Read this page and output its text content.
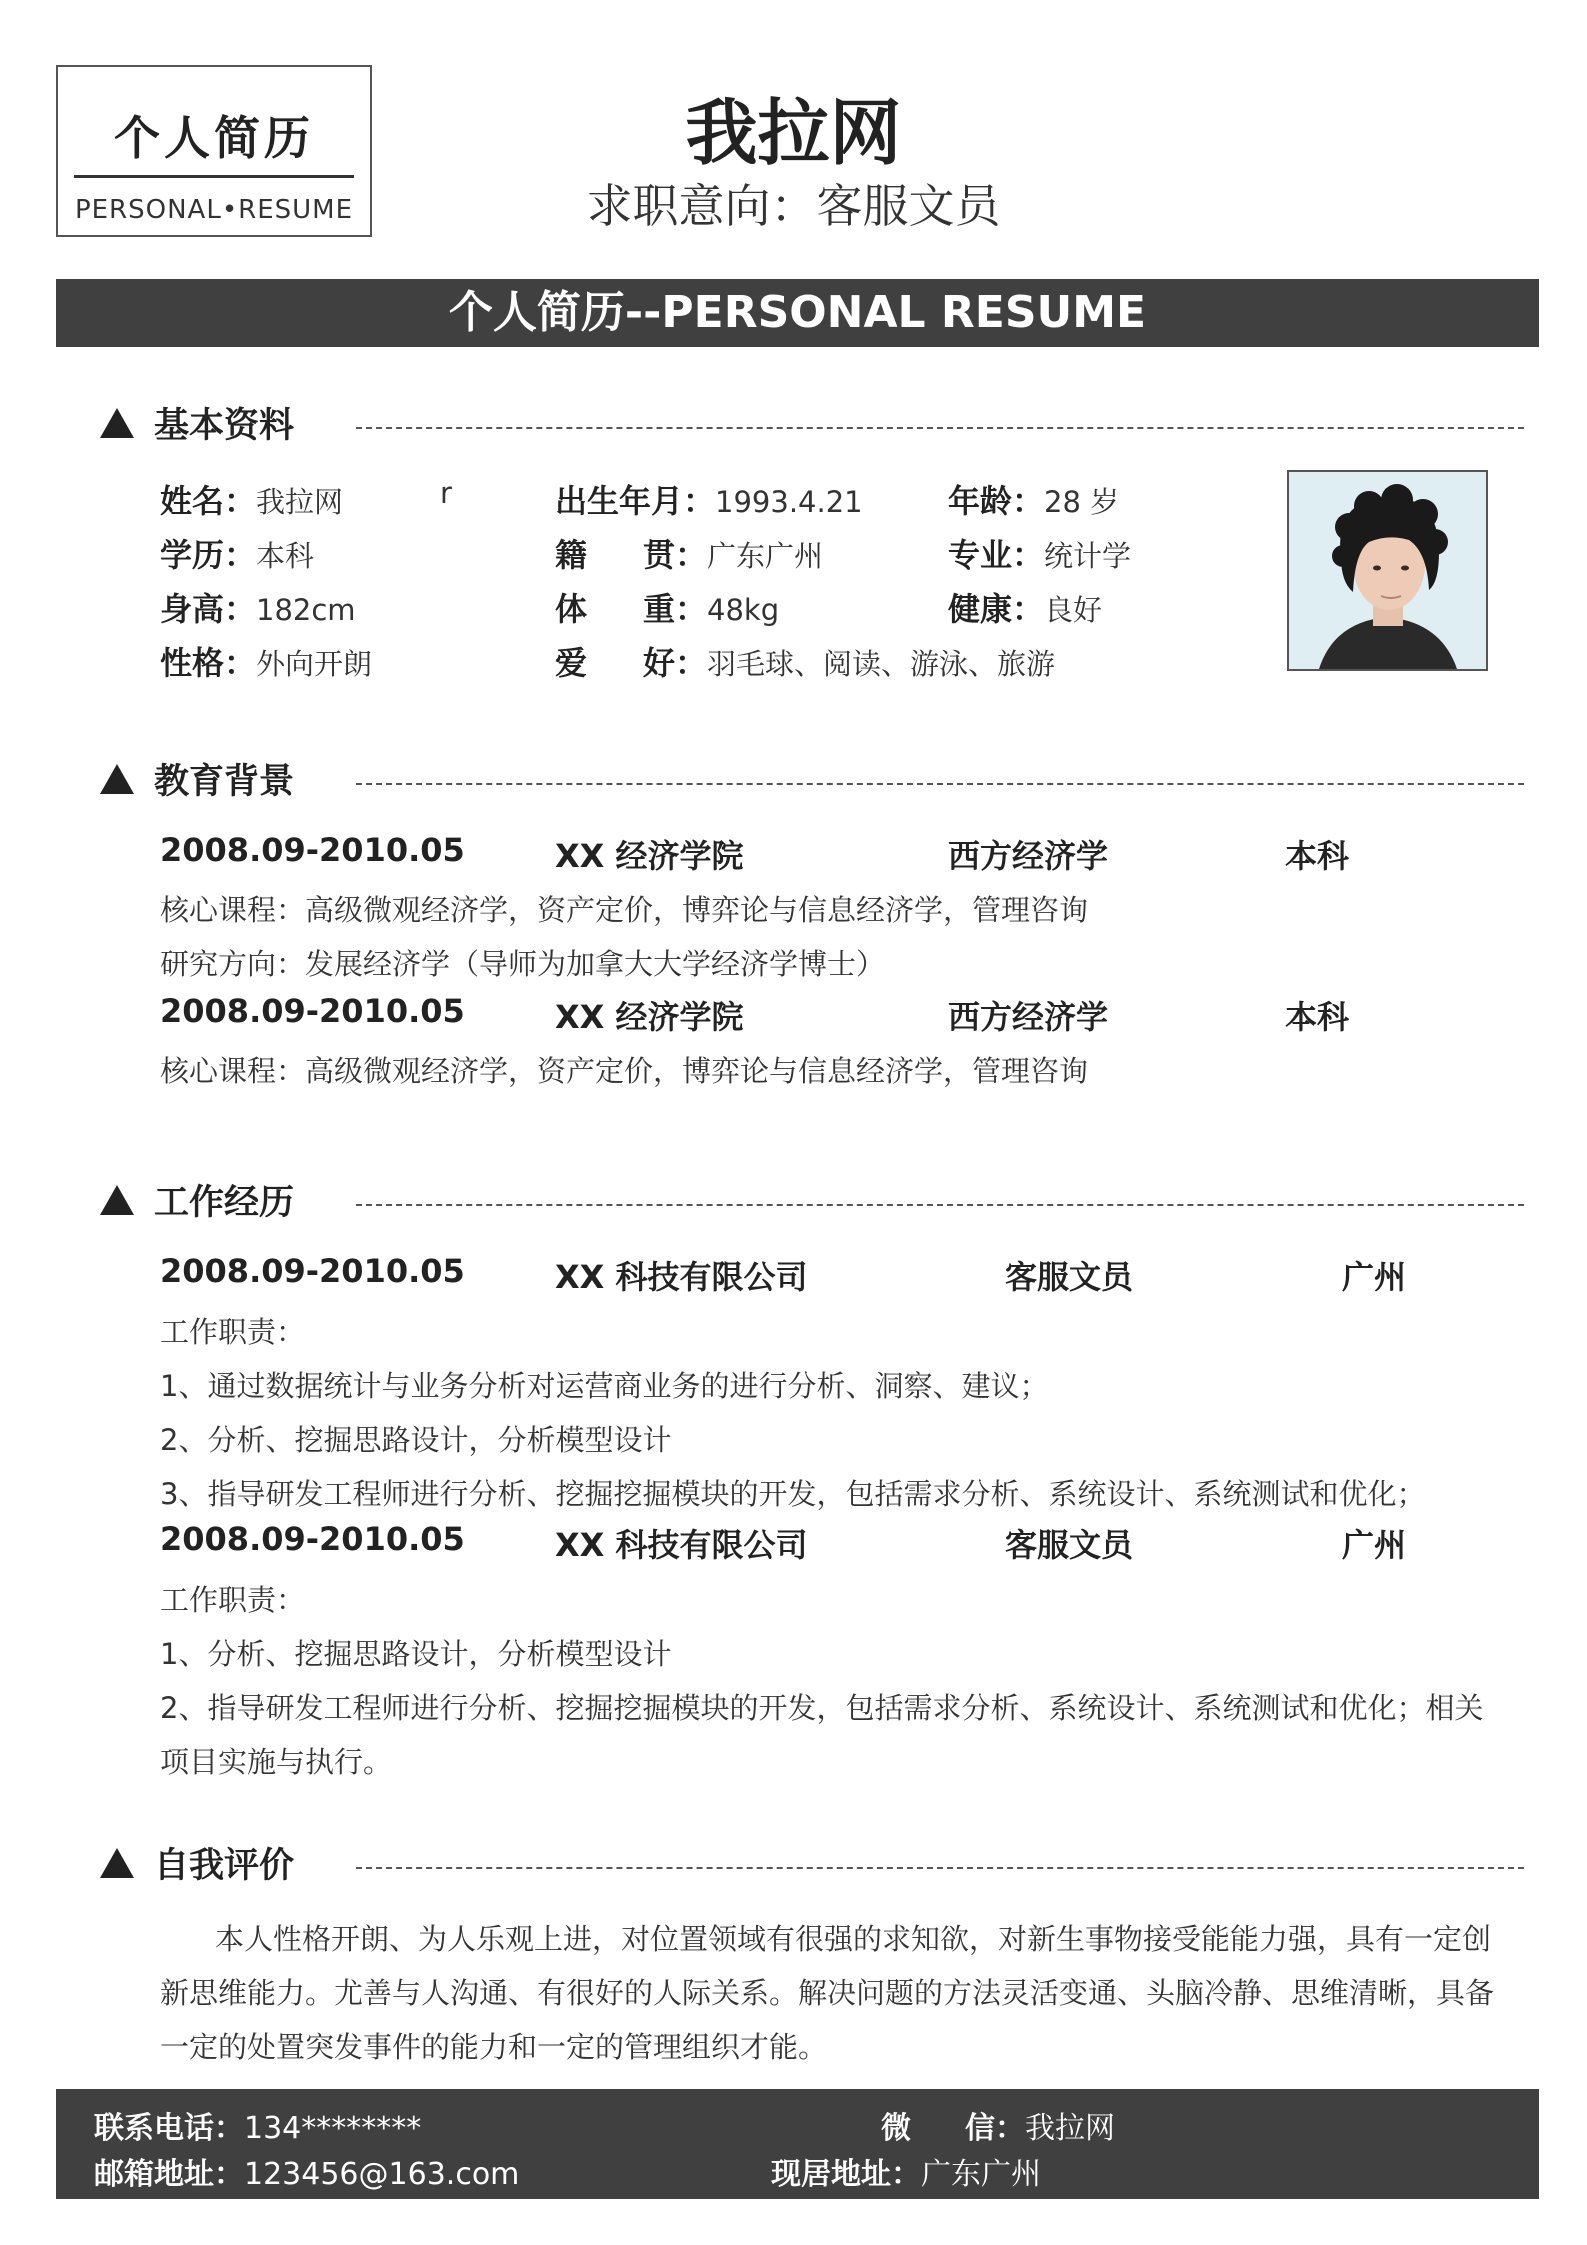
个人简历
PERSONAL•RESUME
我拉网
求职意向：客服文员
个人简历--PERSONAL RESUME
基本资料
姓名：我拉网	r	出生年月：1993.4.21	年龄：28 岁
学历：本科	籍 贯：广东广州	专业：统计学
身高：182cm	体 重：48kg	健康：良好
性格：外向开朗	爱 好：羽毛球、阅读、游泳、旅游
教育背景
2008.09-2010.05	XX 经济学院	西方经济学	本科
核心课程：高级微观经济学，资产定价，博弈论与信息经济学，管理咨询
研究方向：发展经济学（导师为加拿大大学经济学博士）
2008.09-2010.05	XX 经济学院	西方经济学	本科
核心课程：高级微观经济学，资产定价，博弈论与信息经济学，管理咨询
工作经历
2008.09-2010.05	XX 科技有限公司	客服文员	广州
工作职责：
1、通过数据统计与业务分析对运营商业务的进行分析、洞察、建议；
2、分析、挖掘思路设计，分析模型设计
3、指导研发工程师进行分析、挖掘挖掘模块的开发，包括需求分析、系统设计、系统测试和优化；
2008.09-2010.05	XX 科技有限公司	客服文员	广州
工作职责：
1、分析、挖掘思路设计，分析模型设计
2、指导研发工程师进行分析、挖掘挖掘模块的开发，包括需求分析、系统设计、系统测试和优化；相关
项目实施与执行。
自我评价
本人性格开朗、为人乐观上进，对位置领域有很强的求知欲，对新生事物接受能能力强，具有一定创
新思维能力。尤善与人沟通、有很好的人际关系。解决问题的方法灵活变通、头脑冷静、思维清晰，具备
一定的处置突发事件的能力和一定的管理组织才能。
联系电话：134********	微 信：我拉网
邮箱地址：123456@163.com	现居地址：广东广州
